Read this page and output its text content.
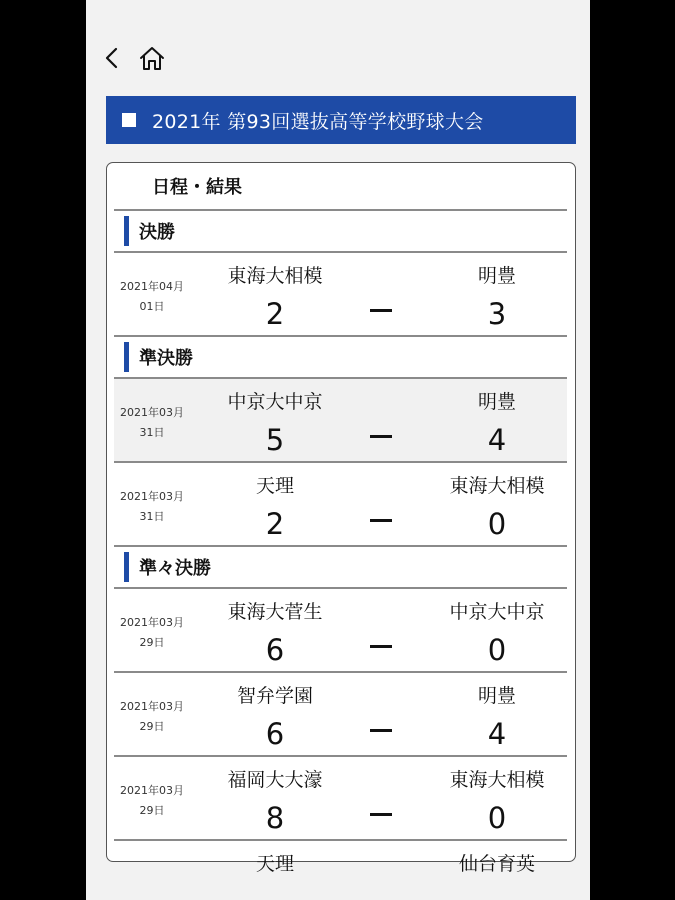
2021年 第93回選抜高等学校野球大会
日程・結果
決勝
2021年04月
01日
東海大相模	明豊
2	3
準決勝
2021年03月
31日
中京大中京	明豊
5	4
2021年03月
31日
天理	東海大相模
2	0
準々決勝
2021年03月
29日
東海大菅生	中京大中京
6	0
2021年03月
29日
智弁学園	明豊
6	4
2021年03月
29日
福岡大大濠	東海大相模
8	0
天理	仙台育英
